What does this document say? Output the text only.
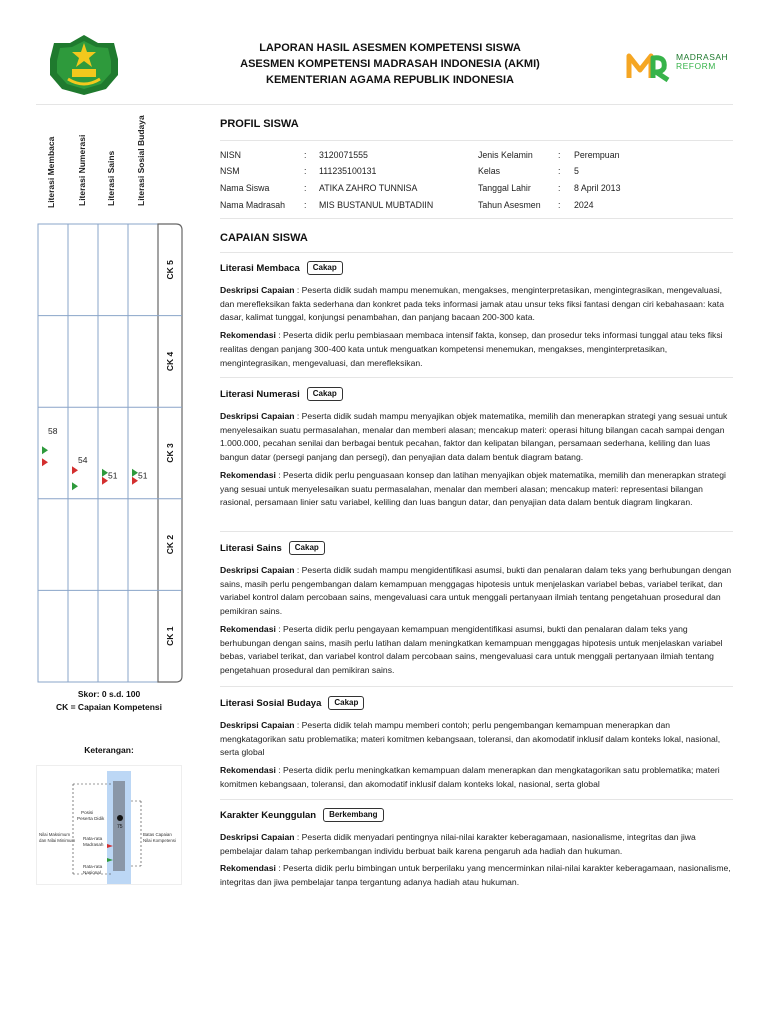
LAPORAN HASIL ASESMEN KOMPETENSI SISWA
ASESMEN KOMPETENSI MADRASAH INDONESIA (AKMI)
KEMENTERIAN AGAMA REPUBLIK INDONESIA
MADRASAH
REFORM
Literasi Membaca Literasi Numerasi Literasi Sains Literasi Sosial Budaya
CK 5
CK 4
CK 3
CK 2
CK 1
58
54
51 51
Skor: 0 s.d. 100
CK = Capaian Kompetensi
Keterangan:
75
Posisi
Peserta Didik
Rata-rata
Madrasah
Rata-rata
Nasional
Nilai Maksimum
dan Nilai Minimum
Batas Capaian
Nilai Kompetensi
PROFIL SISWA
NISN	: 3120071555
NSM	: 111235100131
Nama Siswa	: ATIKA ZAHRO TUNNISA
Nama Madrasah : MIS BUSTANUL MUBTADIIN
Jenis Kelamin	: Perempuan
Kelas	: 5
Tanggal Lahir	: 8 April 2013
Tahun Asesmen : 2024
CAPAIAN SISWA
Literasi Membaca	Cakap
Deskripsi Capaian : Peserta didik sudah mampu menemukan, mengakses, menginterpretasikan, mengintegrasikan, mengevaluasi, dan merefleksikan fakta sederhana dan konkret pada teks informasi jamak atau unsur teks fiksi fantasi dengan ciri kebahasaan: kata dasar, kalimat tunggal, konjungsi penambahan, dan panjang bacaan 200-300 kata.
Rekomendasi : Peserta didik perlu pembiasaan membaca intensif fakta, konsep, dan prosedur teks informasi tunggal atau teks fiksi realitas dengan panjang 300-400 kata untuk menguatkan kompetensi menemukan, mengakses, menginterpretasikan, mengintegrasikan, mengevaluasi, dan merefleksikan.
Literasi Numerasi	Cakap
Deskripsi Capaian : Peserta didik sudah mampu menyajikan objek matematika, memilih dan menerapkan strategi yang sesuai untuk menyelesaikan suatu permasalahan, menalar dan memberi alasan; mencakup materi: operasi hitung bilangan cacah sampai dengan 1.000.000, pecahan senilai dan berbagai bentuk pecahan, faktor dan kelipatan bilangan, persamaan sederhana, keliling dan luas bangun datar (persegi panjang dan persegi), dan penyajian data dalam bentuk diagram batang.
Rekomendasi : Peserta didik perlu penguasaan konsep dan latihan menyajikan objek matematika, memilih dan menerapkan strategi yang sesuai untuk menyelesaikan suatu permasalahan, menalar dan memberi alasan; mencakup materi: representasi bilangan rasional, persamaan linier satu variabel, keliling dan luas bangun datar, dan penyajian data dalam bentuk diagram lingkaran.
Literasi Sains	Cakap
Deskripsi Capaian : Peserta didik sudah mampu mengidentifikasi asumsi, bukti dan penalaran dalam teks yang berhubungan dengan sains, masih perlu pengembangan dalam kemampuan menggagas hipotesis untuk menjelaskan variabel bebas, variabel terikat, dan variabel kontrol dalam percobaan sains, mengevaluasi cara untuk menggali pertanyaan ilmiah tentang pengetahuan prosedural dan pemikiran sains.
Rekomendasi : Peserta didik perlu pengayaan kemampuan mengidentifikasi asumsi, bukti dan penalaran dalam teks yang berhubungan dengan sains, masih perlu latihan dalam meningkatkan kemampuan menggagas hipotesis untuk menjelaskan variabel bebas, variabel terikat, dan variabel kontrol dalam percobaan sains, mengevaluasi cara untuk menggali pertanyaan ilmiah tentang pengetahuan prosedural dan pemikiran sains.
Literasi Sosial Budaya	Cakap
Deskripsi Capaian : Peserta didik telah mampu memberi contoh; perlu pengembangan kemampuan menerapkan dan mengkatagorikan satu problematika; materi komitmen kebangsaan, toleransi, dan akomodatif inklusif dalam konteks lokal, nasional, serta global
Rekomendasi : Peserta didik perlu meningkatkan kemampuan dalam menerapkan dan mengkatagorikan satu problematika; materi komitmen kebangsaan, toleransi, dan akomodatif inklusif dalam konteks lokal, nasional, serta global
Karakter Keunggulan	Berkembang
Deskripsi Capaian : Peserta didik menyadari pentingnya nilai-nilai karakter keberagamaan, nasionalisme, integritas dan jiwa pembelajar dalam tahap perkembangan individu berbuat baik karena pengaruh ada hadiah dan hukuman.
Rekomendasi : Peserta didik perlu bimbingan untuk berperilaku yang mencerminkan nilai-nilai karakter keberagamaan, nasionalisme, integritas dan jiwa pembelajar tanpa tergantung adanya hadiah atau hukuman.
